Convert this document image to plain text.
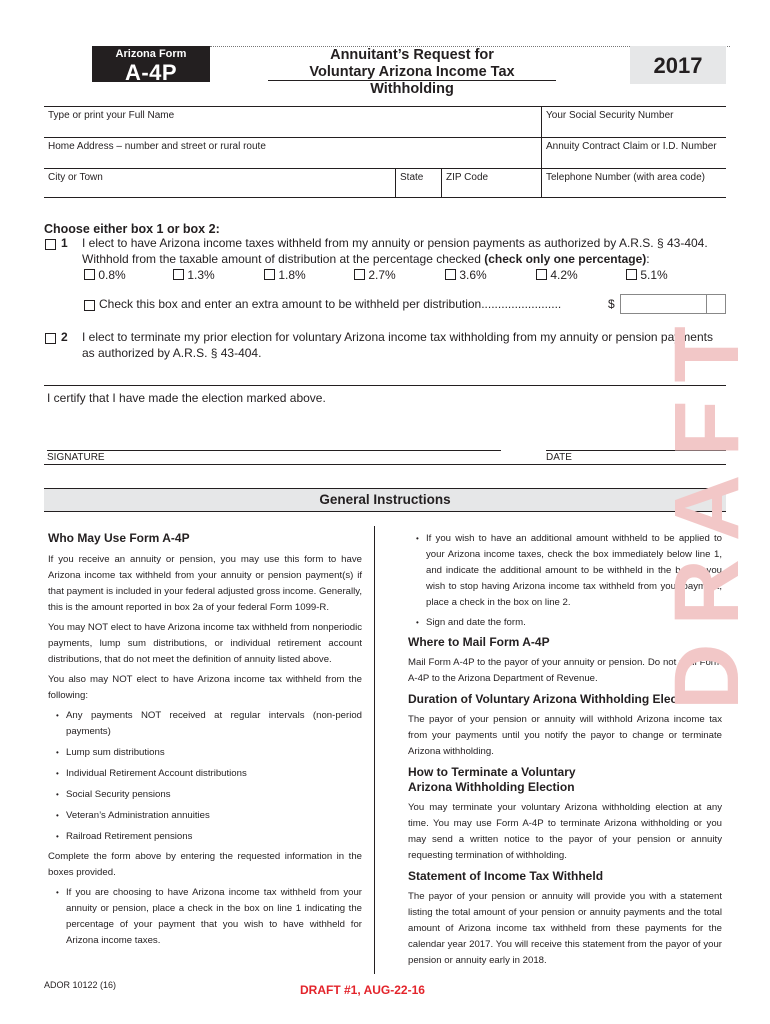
Arizona Form
A-4P
Annuitant’s Request for
Voluntary Arizona Income Tax Withholding
2017
Type or print your Full Name	Your Social Security Number
Home Address – number and street or rural route	Annuity Contract Claim or I.D. Number
City or Town	State	ZIP Code	Telephone Number (with area code)
Choose either box 1 or box 2:
1 I elect to have Arizona income taxes withheld from my annuity or pension payments as authorized by A.R.S. § 43-404.
Withhold from the taxable amount of distribution at the percentage checked (check only one percentage):
0.8%	1.3%	1.8%	2.7%	3.6%	4.2%	5.1%
Check this box and enter an extra amount to be withheld per distribution........................	$
2 I elect to terminate my prior election for voluntary Arizona income tax withholding from my annuity or pension payments
as authorized by A.R.S. § 43-404.
I certify that I have made the election marked above.
SIGNATURE	DATE
General Instructions
Who May Use Form A-4P
If you receive an annuity or pension, you may use this form to have Arizona income tax withheld from your annuity or pension payment(s) if that payment is included in your federal adjusted gross income. Generally, this is the amount reported in box 2a of your federal Form 1099-R.
You may NOT elect to have Arizona income tax withheld from nonperiodic payments, lump sum distributions, or individual retirement account distributions, that do not meet the definition of annuity listed above.
You also may NOT elect to have Arizona income tax withheld from the following:
• Any payments NOT received at regular intervals (non-period payments)
• Lump sum distributions
• Individual Retirement Account distributions
• Social Security pensions
• Veteran’s Administration annuities
• Railroad Retirement pensions
Complete the form above by entering the requested information in the boxes provided.
• If you are choosing to have Arizona income tax withheld from your annuity or pension, place a check in the box on line 1 indicating the percentage of your payment that you wish to have withheld for Arizona income taxes.
• If you wish to have an additional amount withheld to be applied to your Arizona income taxes, check the box immediately below line 1, and indicate the additional amount to be withheld in the box. If you wish to stop having Arizona income tax withheld from your payment, place a check in the box on line 2.
• Sign and date the form.
Where to Mail Form A-4P
Mail Form A-4P to the payor of your annuity or pension. Do not mail Form A-4P to the Arizona Department of Revenue.
Duration of Voluntary Arizona Withholding Election
The payor of your pension or annuity will withhold Arizona income tax from your payments until you notify the payor to change or terminate Arizona withholding.
How to Terminate a Voluntary
Arizona Withholding Election
You may terminate your voluntary Arizona withholding election at any time. You may use Form A-4P to terminate Arizona withholding or you may send a written notice to the payor of your pension or annuity requesting termination of withholding.
Statement of Income Tax Withheld
The payor of your pension or annuity will provide you with a statement listing the total amount of your pension or annuity payments and the total amount of Arizona income tax withheld from these payments for the calendar year 2017. You will receive this statement from the payor of your pension or annuity early in 2018.
DRAFT
ADOR 10122 (16)	DRAFT #1, AUG-22-16
